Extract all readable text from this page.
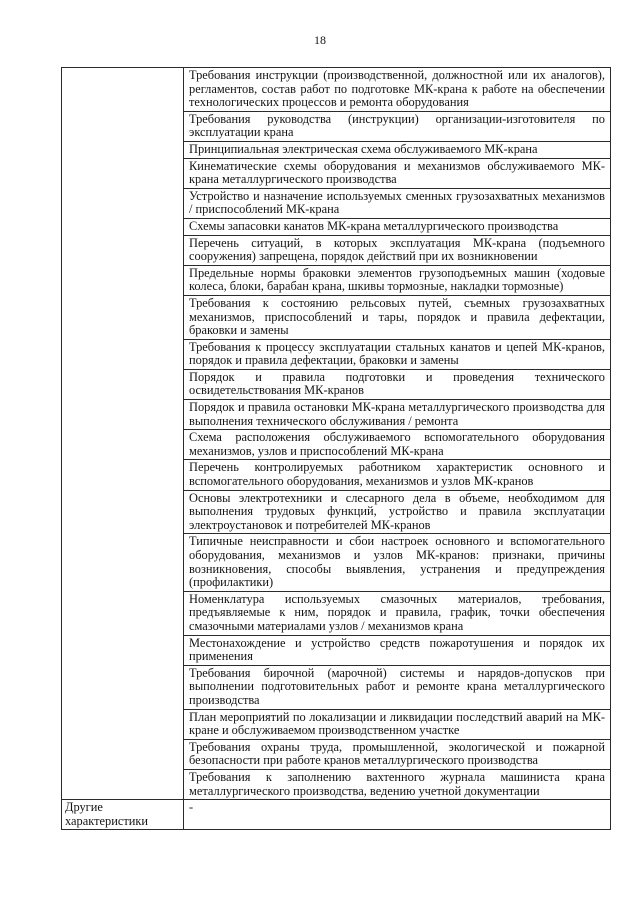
18
	Требования инструкции (производственной, должностной или их аналогов), регламентов, состав работ по подготовке МК-крана к работе на обеспечении технологических процессов и ремонта оборудования
	Требования руководства (инструкции) организации-изготовителя по эксплуатации крана
	Принципиальная электрическая схема обслуживаемого МК-крана
	Кинематические схемы оборудования и механизмов обслуживаемого МК-крана металлургического производства
	Устройство и назначение используемых сменных грузозахватных механизмов / приспособлений МК-крана
	Схемы запасовки канатов МК-крана металлургического производства
	Перечень ситуаций, в которых эксплуатация МК-крана (подъемного сооружения) запрещена, порядок действий при их возникновении
	Предельные нормы браковки элементов грузоподъемных машин (ходовые колеса, блоки, барабан крана, шкивы тормозные, накладки тормозные)
	Требования к состоянию рельсовых путей, съемных грузозахватных механизмов, приспособлений и тары, порядок и правила дефектации, браковки и замены
	Требования к процессу эксплуатации стальных канатов и цепей МК-кранов, порядок и правила дефектации, браковки и замены
	Порядок и правила подготовки и проведения технического освидетельствования МК-кранов
	Порядок и правила остановки МК-крана металлургического производства для выполнения технического обслуживания / ремонта
	Схема расположения обслуживаемого вспомогательного оборудования механизмов, узлов и приспособлений МК-крана
	Перечень контролируемых работником характеристик основного и вспомогательного оборудования, механизмов и узлов МК-кранов
	Основы электротехники и слесарного дела в объеме, необходимом для выполнения трудовых функций, устройство и правила эксплуатации электроустановок и потребителей МК-кранов
	Типичные неисправности и сбои настроек основного и вспомогательного оборудования, механизмов и узлов МК-кранов: признаки, причины возникновения, способы выявления, устранения и предупреждения (профилактики)
	Номенклатура используемых смазочных материалов, требования, предъявляемые к ним, порядок и правила, график, точки обеспечения смазочными материалами узлов / механизмов крана
	Местонахождение и устройство средств пожаротушения и порядок их применения
	Требования бирочной (марочной) системы и нарядов-допусков при выполнении подготовительных работ и ремонте крана металлургического производства
	План мероприятий по локализации и ликвидации последствий аварий на МК-кране и обслуживаемом производственном участке
	Требования охраны труда, промышленной, экологической и пожарной безопасности при работе кранов металлургического производства
	Требования к заполнению вахтенного журнала машиниста крана металлургического производства, ведению учетной документации
Другие характеристики	-
